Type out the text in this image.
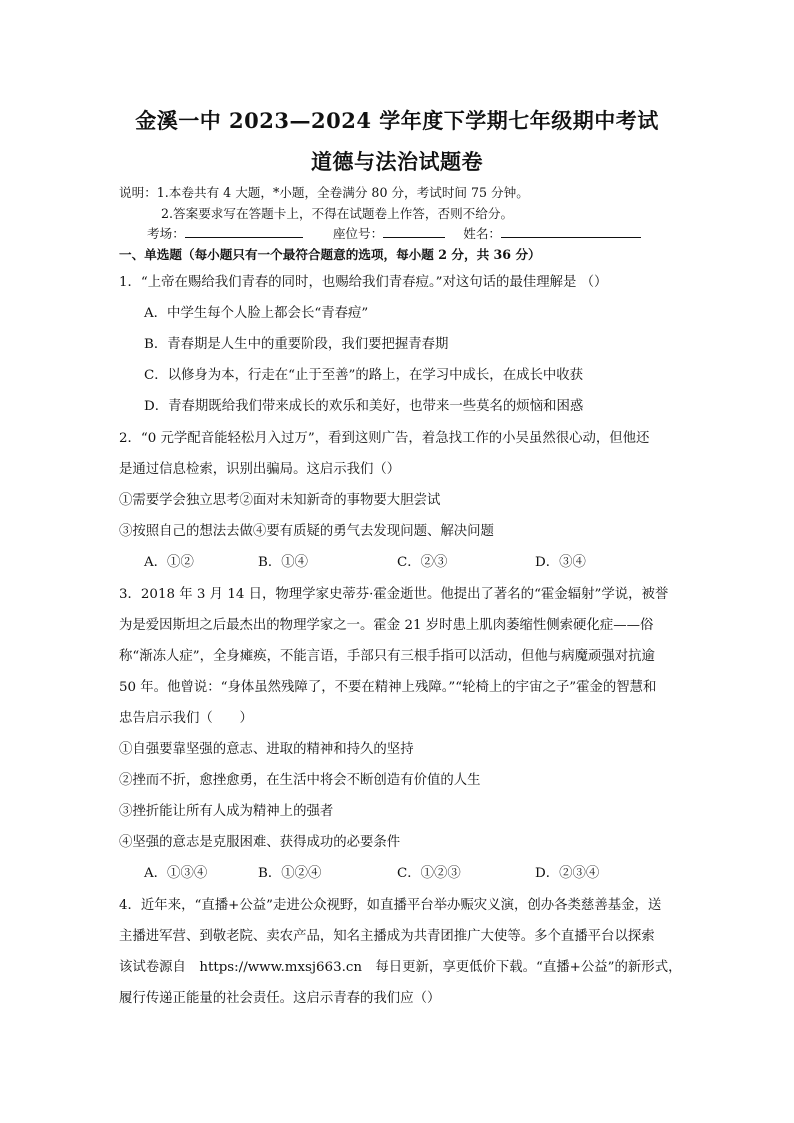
金溪一中 2023—2024 学年度下学期七年级期中考试
道德与法治试题卷
说明：1.本卷共有 4 大题，*小题，全卷满分 80 分，考试时间 75 分钟。
2.答案要求写在答题卡上，不得在试题卷上作答，否则不给分。
考场：	座位号：	姓名：
一、单选题（每小题只有一个最符合题意的选项，每小题 2 分，共 36 分）
1．“上帝在赐给我们青春的同时，也赐给我们青春痘。”对这句话的最佳理解是 （）
A．中学生每个人脸上都会长“青春痘”
B．青春期是人生中的重要阶段，我们要把握青春期
C．以修身为本，行走在“止于至善”的路上，在学习中成长，在成长中收获
D．青春期既给我们带来成长的欢乐和美好，也带来一些莫名的烦恼和困惑
2．“0 元学配音能轻松月入过万”，看到这则广告，着急找工作的小吴虽然很心动，但他还
是通过信息检索，识别出骗局。这启示我们（）
①需要学会独立思考②面对未知新奇的事物要大胆尝试
③按照自己的想法去做④要有质疑的勇气去发现问题、解决问题
A．①②	B．①④	C．②③	D．③④
3．2018 年 3 月 14 日，物理学家史蒂芬·霍金逝世。他提出了著名的“霍金辐射”学说，被誉
为是爱因斯坦之后最杰出的物理学家之一。霍金 21 岁时患上肌肉萎缩性侧索硬化症——俗
称“渐冻人症”，全身瘫痪，不能言语，手部只有三根手指可以活动，但他与病魔顽强对抗逾
50 年。他曾说：“身体虽然残障了，不要在精神上残障。”“轮椅上的宇宙之子”霍金的智慧和
忠告启示我们（　　）
①自强要靠坚强的意志、进取的精神和持久的坚持
②挫而不折，愈挫愈勇，在生活中将会不断创造有价值的人生
③挫折能让所有人成为精神上的强者
④坚强的意志是克服困难、获得成功的必要条件
A．①③④	B．①②④	C．①②③	D．②③④
4．近年来，“直播+公益”走进公众视野，如直播平台举办赈灾义演，创办各类慈善基金，送
主播进军营、到敬老院、卖农产品，知名主播成为共青团推广大使等。多个直播平台以探索
该试卷源自　https://www.mxsj663.cn　每日更新，享更低价下载。“直播+公益”的新形式，
履行传递正能量的社会责任。这启示青春的我们应（）
